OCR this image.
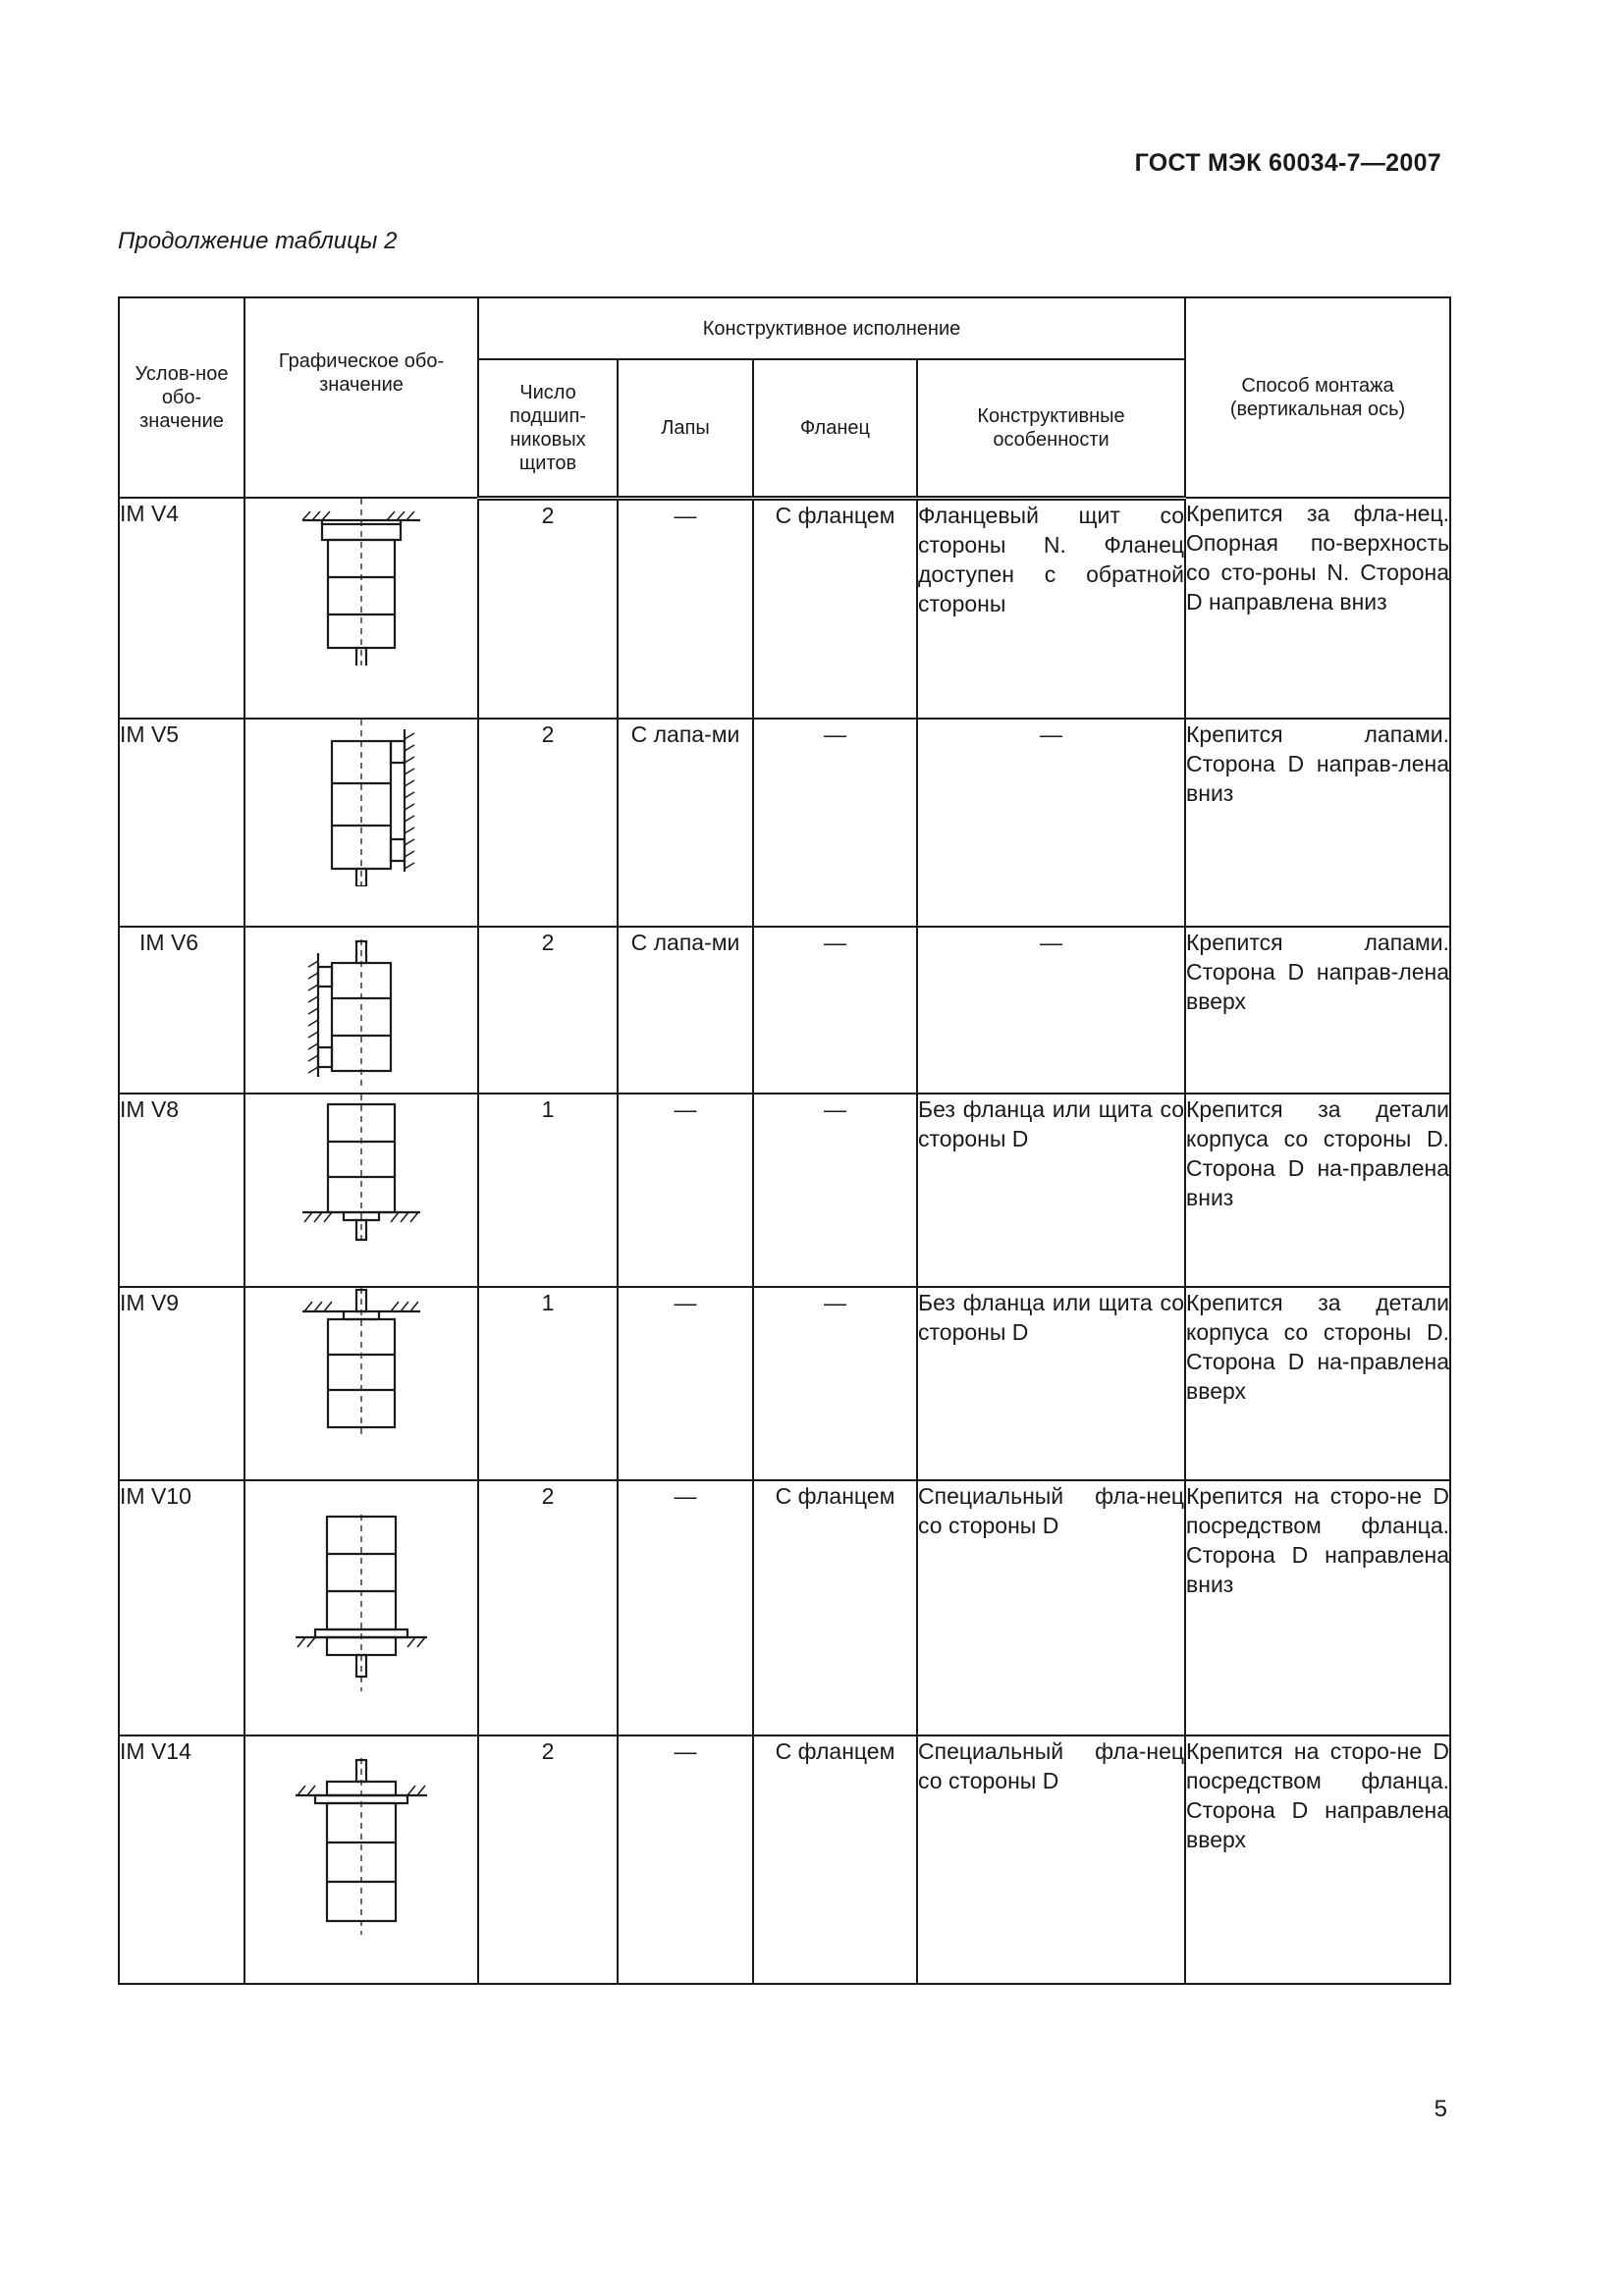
ГОСТ МЭК 60034-7—2007
Продолжение таблицы 2
Услов-ное обо-значение	Графическое обо-значение	Конструктивное исполнение				Способ монтажа (вертикальная ось)
		Число подшип-никовых щитов	Лапы	Фланец	Конструктивные особенности	
IM V4		2	—	С фланцем	Фланцевый щит со стороны N. Фланец доступен с обратной стороны	Крепится за фла-нец. Опорная по-верхность со сто-роны N. Сторона D направлена вниз
IM V5		2	С лапа-ми	—	—	Крепится лапами. Сторона D направ-лена вниз
IM V6		2	С лапа-ми	—	—	Крепится лапами. Сторона D направ-лена вверх
IM V8		1	—	—	Без фланца или щита со стороны D	Крепится за детали корпуса со стороны D. Сторона D на-правлена вниз
IM V9		1	—	—	Без фланца или щита со стороны D	Крепится за детали корпуса со стороны D. Сторона D на-правлена вверх
IM V10		2	—	С фланцем	Специальный фла-нец со стороны D	Крепится на сторо-не D посредством фланца. Сторона D направлена вниз
IM V14		2	—	С фланцем	Специальный фла-нец со стороны D	Крепится на сторо-не D посредством фланца. Сторона D направлена вверх
5
